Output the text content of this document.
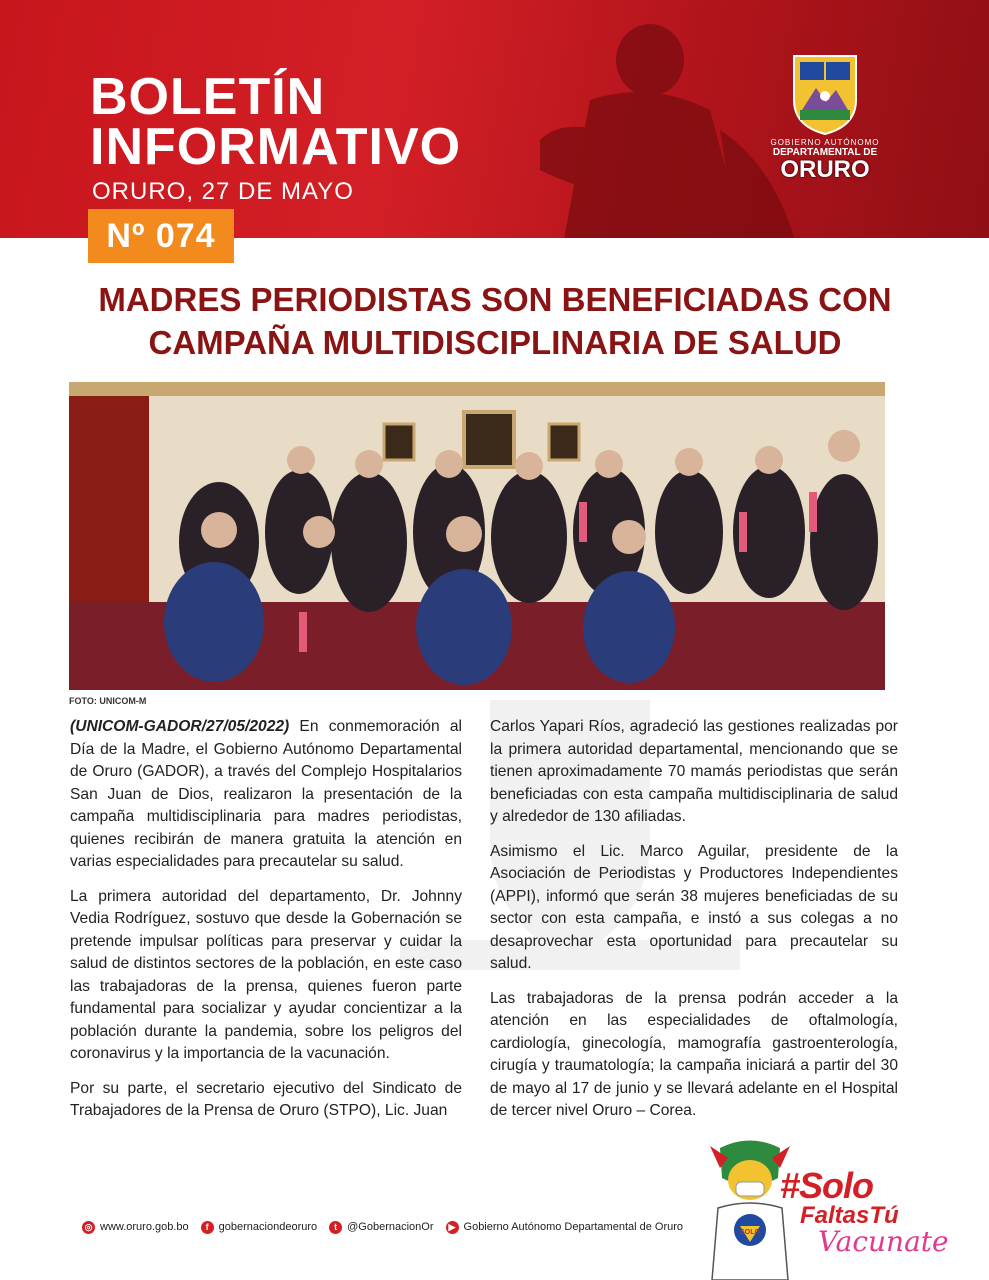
BOLETÍN
INFORMATIVO
ORURO, 27 DE MAYO
GOBIERNO AUTÓNOMO
DEPARTAMENTAL DE
ORURO
Nº 074
MADRES PERIODISTAS SON BENEFICIADAS CON
CAMPAÑA MULTIDISCIPLINARIA DE SALUD
FOTO: UNICOM-M

(UNICOM-GADOR/27/05/2022) En conmemoración al Día de la Madre, el Gobierno Autónomo Departamental de Oruro (GADOR), a través del Complejo Hospitalarios San Juan de Dios, realizaron la presentación de la campaña multidisciplinaria para madres periodistas, quienes recibirán de manera gratuita la atención en varias especialidades para precautelar su salud.

La primera autoridad del departamento, Dr. Johnny Vedia Rodríguez, sostuvo que desde la Gobernación se pretende impulsar políticas para preservar y cuidar la salud de distintos sectores de la población, en este caso las trabajadoras de la prensa, quienes fueron parte fundamental para socializar y ayudar concientizar a la población durante la pandemia, sobre los peligros del coronavirus y la importancia de la vacunación.

Por su parte, el secretario ejecutivo del Sindicato de Trabajadores de la Prensa de Oruro (STPO), Lic. Juan

Carlos Yapari Ríos, agradeció las gestiones realizadas por la primera autoridad departamental, mencionando que se tienen aproximadamente 70 mamás periodistas que serán beneficiadas con esta campaña multidisciplinaria de salud y alrededor de 130 afiliadas.

Asimismo el Lic. Marco Aguilar, presidente de la Asociación de Periodistas y Productores Independientes (APPI), informó que serán 38 mujeres beneficiadas de su sector con esta campaña, e instó a sus colegas a no desaprovechar esta oportunidad para precautelar su salud.

Las trabajadoras de la prensa podrán acceder a la atención en las especialidades de oftalmología, cardiología, ginecología, mamografía gastroenterología, cirugía y traumatología; la campaña iniciará a partir del 30 de mayo al 17 de junio y se llevará adelante en el Hospital de tercer nivel Oruro – Corea.

◎ www.oruro.gob.bo	f gobernaciondeoruro	t @GobernacionOr	▶ Gobierno Autónomo Departamental de Oruro	SOLO
#Solo
FaltasTú
Vacunate
